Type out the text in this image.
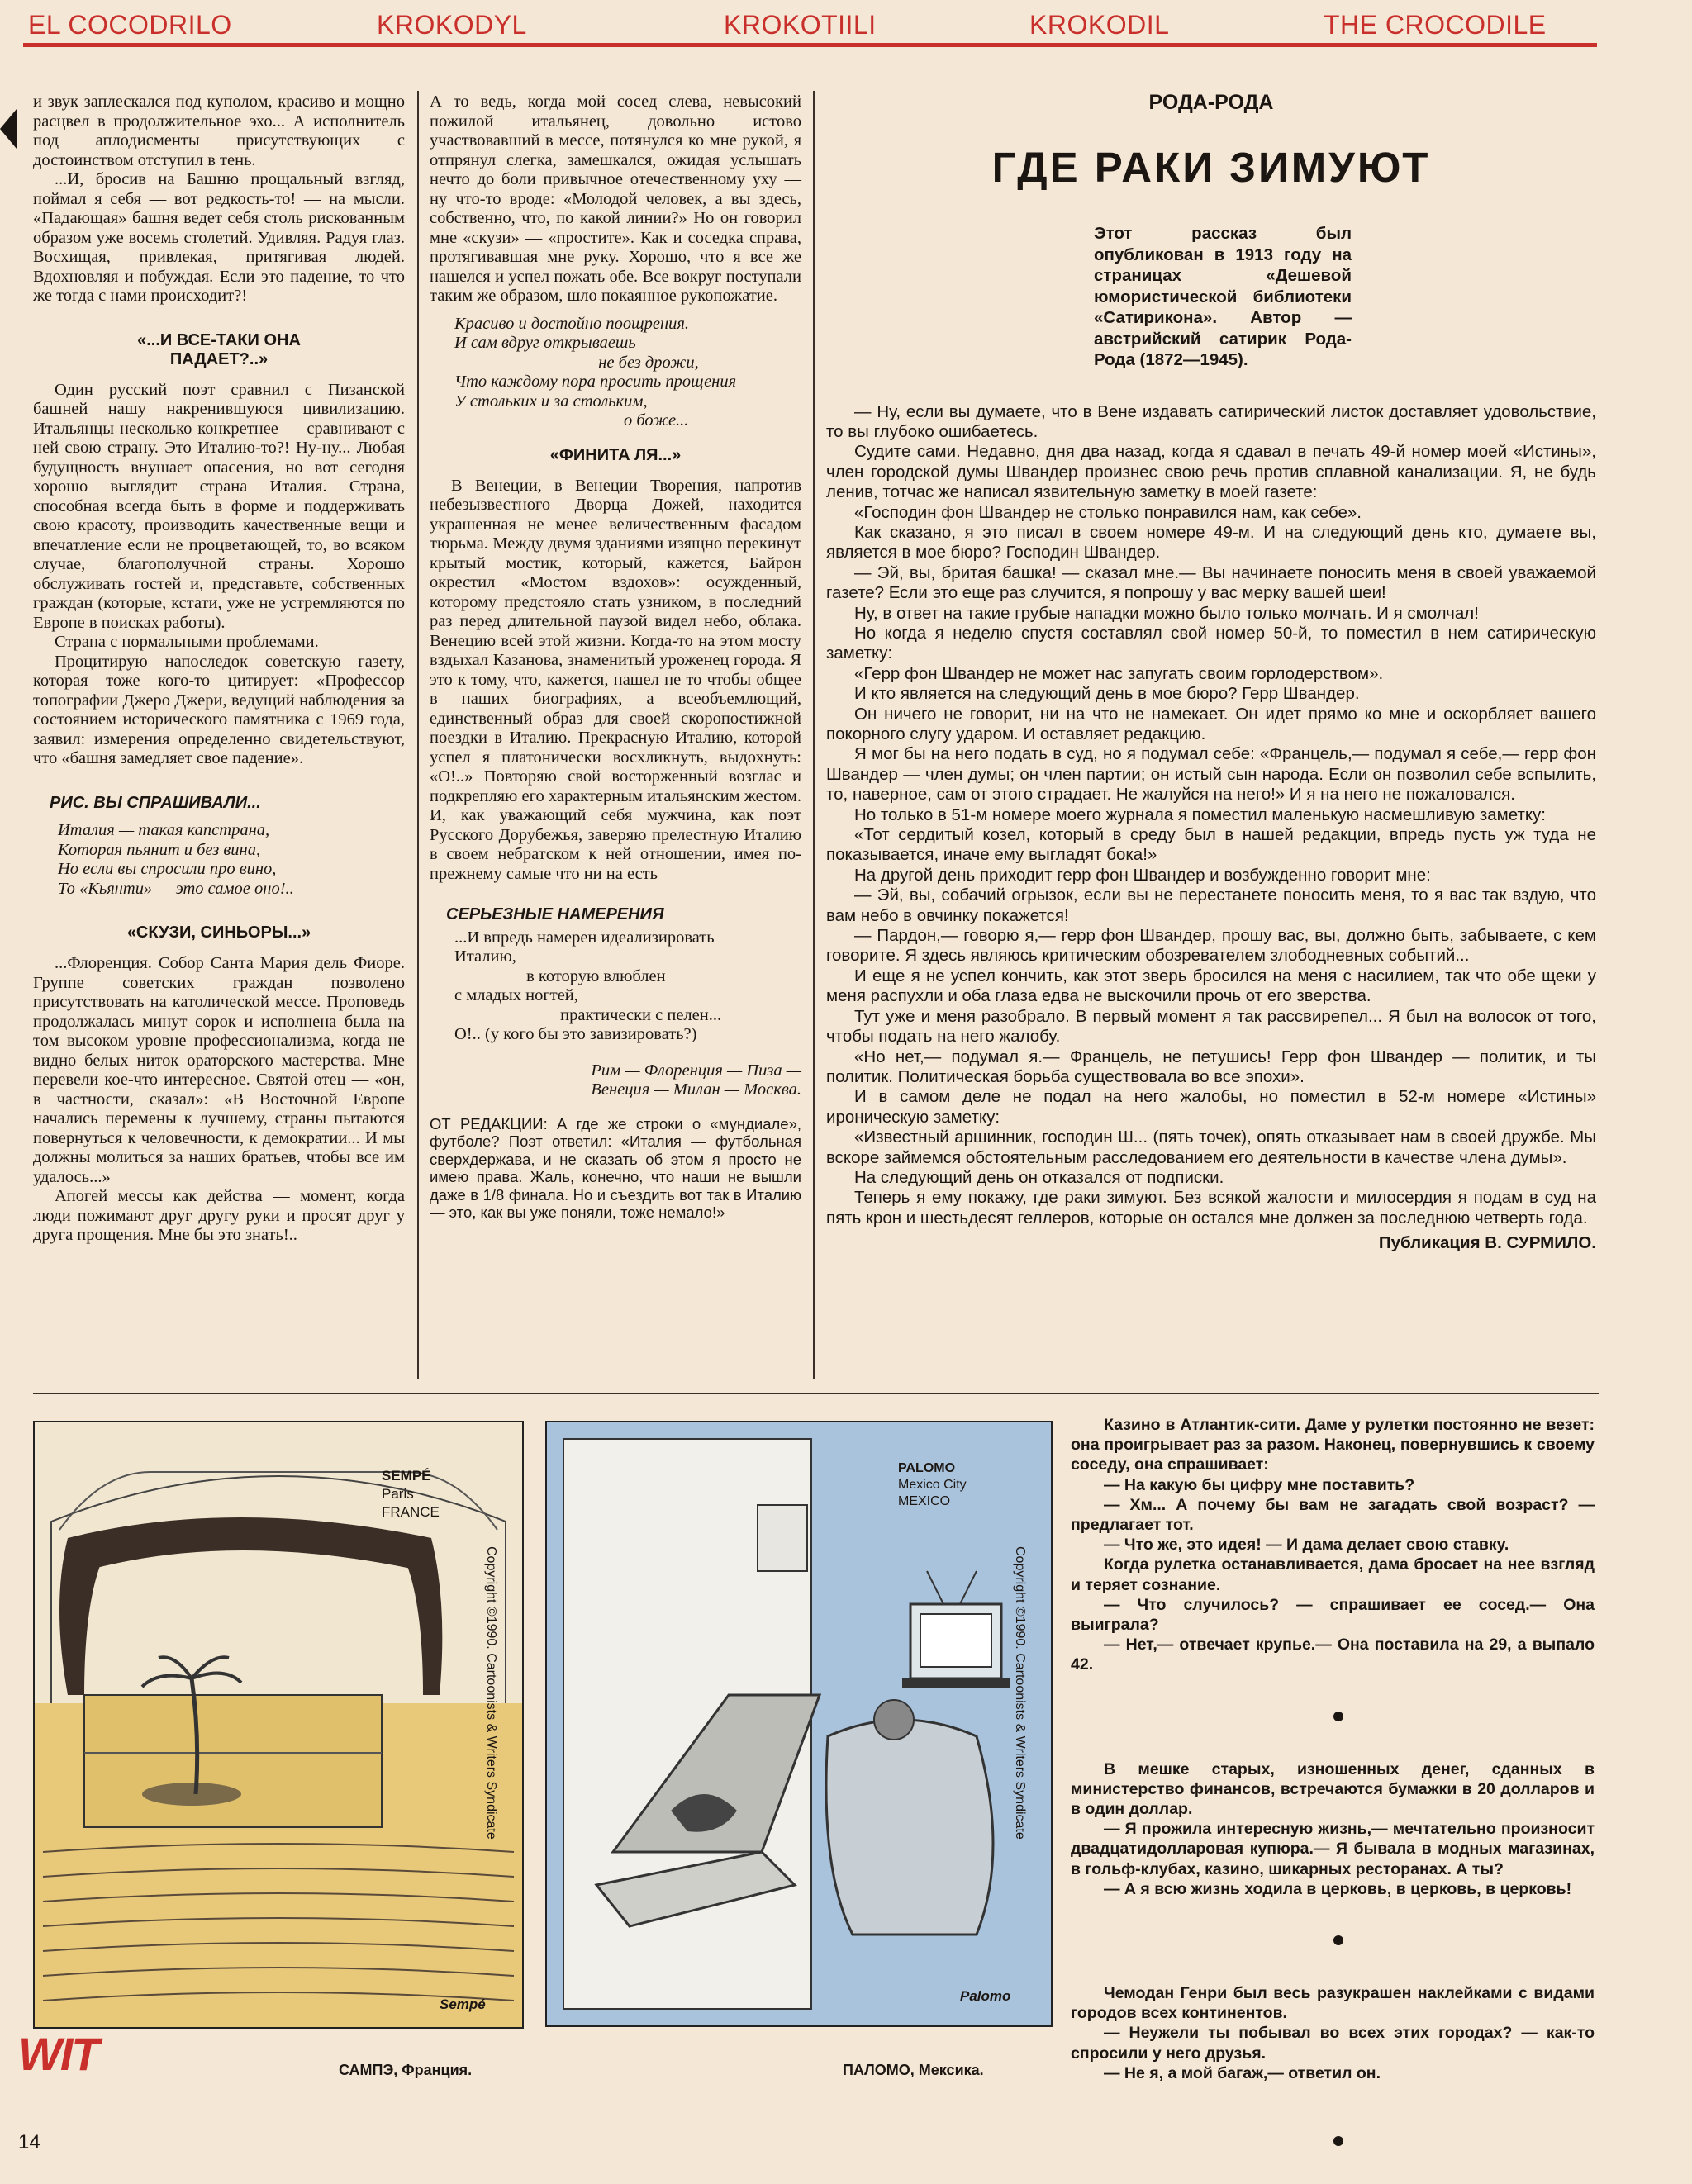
EL COCODRILO	KROKODYL	KROKOTIILI	KROKODIL	THE CROCODILE

и звук заплескался под куполом, красиво и мощно расцвел в продолжительное эхо... А исполнитель под аплодисменты присутствующих с достоинством отступил в тень.

...И, бросив на Башню прощальный взгляд, поймал я себя — вот редкость-то! — на мысли. «Падающая» башня ведет себя столь рискованным образом уже восемь столетий. Удивляя. Радуя глаз. Восхищая, привлекая, притягивая людей. Вдохновляя и побуждая. Если это падение, то что же тогда с нами происходит?!

«...И ВСЕ-ТАКИ ОНА ПАДАЕТ?..»

Один русский поэт сравнил с Пизанской башней нашу накренившуюся цивилизацию. Итальянцы несколько конкретнее — сравнивают с ней свою страну. Это Италию-то?! Ну-ну... Любая будущность внушает опасения, но вот сегодня хорошо выглядит страна Италия. Страна, способная всегда быть в форме и поддерживать свою красоту, производить качественные вещи и впечатление если не процветающей, то, во всяком случае, благополучной страны. Хорошо обслуживать гостей и, представьте, собственных граждан (которые, кстати, уже не устремляются по Европе в поисках работы).

Страна с нормальными проблемами.

Процитирую напоследок советскую газету, которая тоже кого-то цитирует: «Профессор топографии Джеро Джери, ведущий наблюдения за состоянием исторического памятника с 1969 года, заявил: измерения определенно свидетельствуют, что «башня замедляет свое падение».

РИС. ВЫ СПРАШИВАЛИ...
Италия — такая капстрана,
Которая пьянит и без вина,
Но если вы спросили про вино,
То «Кьянти» — это самое оно!..
«СКУЗИ, СИНЬОРЫ...»

...Флоренция. Собор Санта Мария дель Фиоре. Группе советских граждан позволено присутствовать на католической мессе. Проповедь продолжалась минут сорок и исполнена была на том высоком уровне профессионализма, когда не видно белых ниток ораторского мастерства. Мне перевели кое-что интересное. Святой отец — «он, в частности, сказал»: «В Восточной Европе начались перемены к лучшему, страны пытаются повернуться к человечности, к демократии... И мы должны молиться за наших братьев, чтобы все им удалось...»

Апогей мессы как действа — момент, когда люди пожимают друг другу руки и просят друг у друга прощения. Мне бы это знать!..

А то ведь, когда мой сосед слева, невысокий пожилой итальянец, довольно истово участвовавший в мессе, потянулся ко мне рукой, я отпрянул слегка, замешкался, ожидая услышать нечто до боли привычное отечественному уху — ну что-то вроде: «Молодой человек, а вы здесь, собственно, что, по какой линии?» Но он говорил мне «скузи» — «простите». Как и соседка справа, протягивавшая мне руку. Хорошо, что я все же нашелся и успел пожать обе. Все вокруг поступали таким же образом, шло покаянное рукопожатие.

Красиво и достойно поощрения.
И сам вдруг открываешь
не без дрожи,
Что каждому пора просить прощения
У стольких и за стольким,
о боже...
«ФИНИТА ЛЯ...»

В Венеции, в Венеции Творения, напротив небезызвестного Дворца Дожей, находится украшенная не менее величественным фасадом тюрьма. Между двумя зданиями изящно перекинут крытый мостик, который, кажется, Байрон окрестил «Мостом вздохов»: осужденный, которому предстояло стать узником, в последний раз перед длительной паузой видел небо, облака. Венецию всей этой жизни. Когда-то на этом мосту вздыхал Казанова, знаменитый уроженец города. Я это к тому, что, кажется, нашел не то чтобы общее в наших биографиях, а всеобъемлющий, единственный образ для своей скоропостижной поездки в Италию. Прекрасную Италию, которой успел я платонически восхликнуть, выдохнуть: «О!..» Повторяю свой восторженный возглас и подкрепляю его характерным итальянским жестом. И, как уважающий себя мужчина, как поэт Русского Дорубежья, заверяю прелестную Италию в своем небратском к ней отношении, имея по-прежнему самые что ни на есть

СЕРЬЕЗНЫЕ НАМЕРЕНИЯ
...И впредь намерен идеализировать
Италию,
в которую влюблен
с младых ногтей,
практически с пелен...
О!.. (у кого бы это завизировать?)
Рим — Флоренция — Пиза —
Венеция — Милан — Москва.

ОТ РЕДАКЦИИ: А где же строки о «мундиале», футболе? Поэт ответил: «Италия — футбольная сверхдержава, и не сказать об этом я просто не имею права. Жаль, конечно, что наши не вышли даже в 1/8 финала. Но и съездить вот так в Италию — это, как вы уже поняли, тоже немало!»

РОДА-РОДА

ГДЕ РАКИ ЗИМУЮТ

Этот рассказ был опубликован в 1913 году на страницах «Дешевой юмористической библиотеки «Сатирикона». Автор — австрийский сатирик Рода-Рода (1872—1945).

— Ну, если вы думаете, что в Вене издавать сатирический листок доставляет удовольствие, то вы глубоко ошибаетесь.

Судите сами. Недавно, дня два назад, когда я сдавал в печать 49-й номер моей «Истины», член городской думы Швандер произнес свою речь против сплавной канализации. Я, не будь ленив, тотчас же написал язвительную заметку в моей газете:

«Господин фон Швандер не столько понравился нам, как себе».

Как сказано, я это писал в своем номере 49-м. И на следующий день кто, думаете вы, является в мое бюро? Господин Швандер.

— Эй, вы, бритая башка! — сказал мне.— Вы начинаете поносить меня в своей уважаемой газете? Если это еще раз случится, я попрошу у вас мерку вашей шеи!

Ну, в ответ на такие грубые нападки можно было только молчать. И я смолчал!

Но когда я неделю спустя составлял свой номер 50-й, то поместил в нем сатирическую заметку:

«Герр фон Швандер не может нас запугать своим горлодерством».

И кто является на следующий день в мое бюро? Герр Швандер.

Он ничего не говорит, ни на что не намекает. Он идет прямо ко мне и оскорбляет вашего покорного слугу ударом. И оставляет редакцию.

Я мог бы на него подать в суд, но я подумал себе: «Францель,— подумал я себе,— герр фон Швандер — член думы; он член партии; он истый сын народа. Если он позволил себе вспылить, то, наверное, сам от этого страдает. Не жалуйся на него!» И я на него не пожаловался.

Но только в 51-м номере моего журнала я поместил маленькую насмешливую заметку:

«Тот сердитый козел, который в среду был в нашей редакции, впредь пусть уж туда не показывается, иначе ему выгладят бока!»

На другой день приходит герр фон Швандер и возбужденно говорит мне:

— Эй, вы, собачий огрызок, если вы не перестанете поносить меня, то я вас так вздую, что вам небо в овчинку покажется!

— Пардон,— говорю я,— герр фон Швандер, прошу вас, вы, должно быть, забываете, с кем говорите. Я здесь являюсь критическим обозревателем злободневных событий...

И еще я не успел кончить, как этот зверь бросился на меня с насилием, так что обе щеки у меня распухли и оба глаза едва не выскочили прочь от его зверства.

Тут уже и меня разобрало. В первый момент я так рассвирепел... Я был на волосок от того, чтобы подать на него жалобу.

«Но нет,— подумал я.— Францель, не петушись! Герр фон Швандер — политик, и ты политик. Политическая борьба существовала во все эпохи».

И в самом деле не подал на него жалобы, но поместил в 52-м номере «Истины» ироническую заметку:

«Известный аршинник, господин Ш... (пять точек), опять отказывает нам в своей дружбе. Мы вскоре займемся обстоятельным расследованием его деятельности в качестве члена думы».

На следующий день он отказался от подписки.

Теперь я ему покажу, где раки зимуют. Без всякой жалости и милосердия я подам в суд на пять крон и шестьдесят геллеров, которые он остался мне должен за последнюю четверть года.

Публикация В. СУРМИЛО.
SEMPÉ
Paris
FRANCE
Copyright ©1990. Cartoonists & Writers Syndicate
Sempé
PALOMO
Mexico City
MEXICO
Copyright ©1990. Cartoonists & Writers Syndicate
Palomo

Казино в Атлантик-сити. Даме у рулетки постоянно не везет: она проигрывает раз за разом. Наконец, повернувшись к своему соседу, она спрашивает:

— На какую бы цифру мне поставить?

— Хм... А почему бы вам не загадать свой возраст? — предлагает тот.

— Что же, это идея! — И дама делает свою ставку.

Когда рулетка останавливается, дама бросает на нее взгляд и теряет сознание.

— Что случилось? — спрашивает ее сосед.— Она выиграла?

— Нет,— отвечает крупье.— Она поставила на 29, а выпало 42.

В мешке старых, изношенных денег, сданных в министерство финансов, встречаются бумажки в 20 долларов и в один доллар.

— Я прожила интересную жизнь,— мечтательно произносит двадцатидолларовая купюра.— Я бывала в модных магазинах, в гольф-клубах, казино, шикарных ресторанах. А ты?

— А я всю жизнь ходила в церковь, в церковь, в церковь!

Чемодан Генри был весь разукрашен наклейками с видами городов всех континентов.

— Неужели ты побывал во всех этих городах? — как-то спросили у него друзья.

— Не я, а мой багаж,— ответил он.

WIT	САМПЭ, Франция.	ПАЛОМО, Мексика.
14
